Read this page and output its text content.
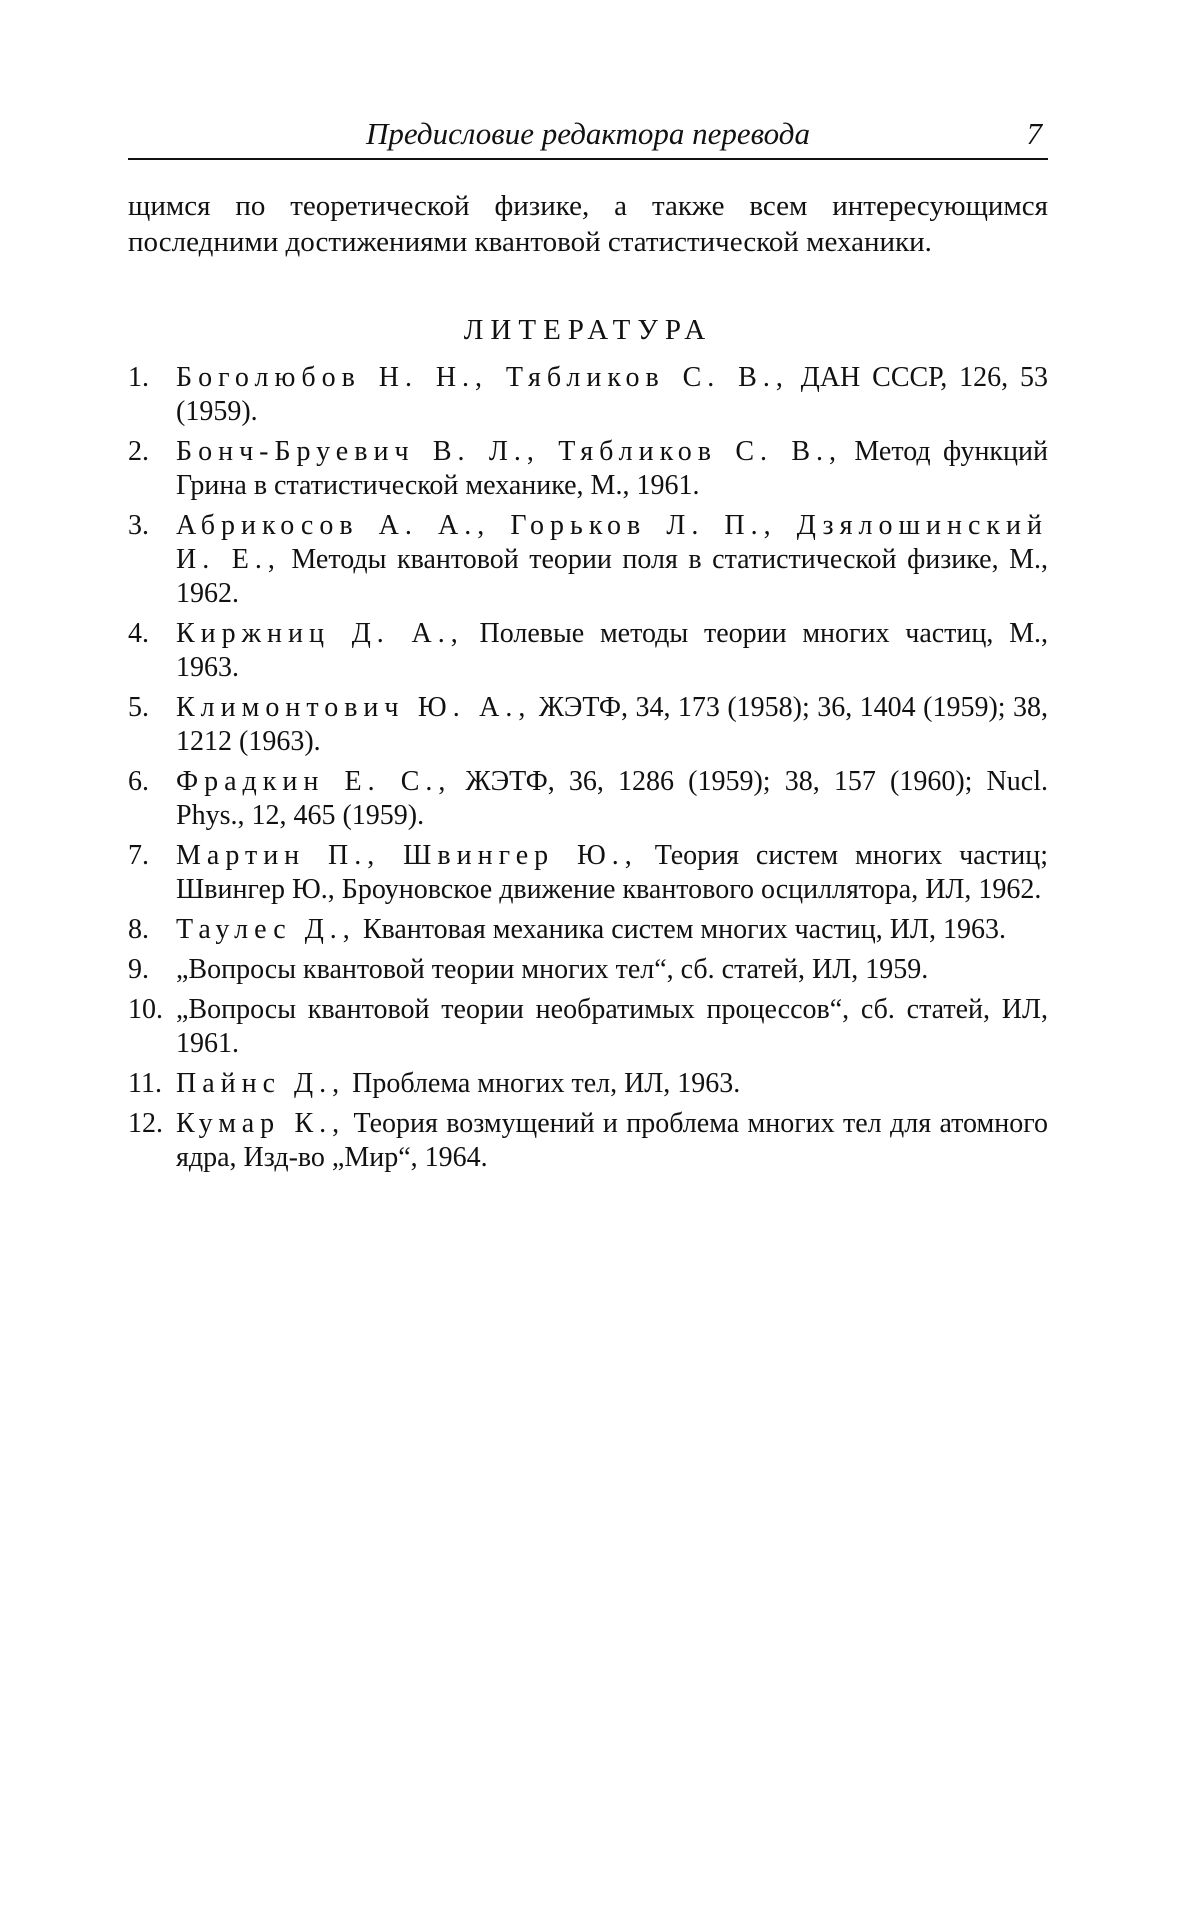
Предисловие редактора перевода	7

щимся по теоретической физике, а также всем интересующимся последними достижениями квантовой статистической механики.

ЛИТЕРАТУРА
1. Боголюбов Н. Н., Тябликов С. В., ДАН СССР, 126, 53 (1959).
2. Бонч-Бруевич В. Л., Тябликов С. В., Метод функций Грина в статистической механике, М., 1961.
3. Абрикосов А. А., Горьков Л. П., Дзялошинский И. Е., Методы квантовой теории поля в статистической физике, М., 1962.
4. Киржниц Д. А., Полевые методы теории многих частиц, М., 1963.
5. Климонтович Ю. А., ЖЭТФ, 34, 173 (1958); 36, 1404 (1959); 38, 1212 (1963).
6. Фрадкин Е. С., ЖЭТФ, 36, 1286 (1959); 38, 157 (1960); Nucl. Phys., 12, 465 (1959).
7. Мартин П., Швингер Ю., Теория систем многих частиц; Швингер Ю., Броуновское движение квантового осциллятора, ИЛ, 1962.
8. Таулес Д., Квантовая механика систем многих частиц, ИЛ, 1963.
9. „Вопросы квантовой теории многих тел“, сб. статей, ИЛ, 1959.
10. „Вопросы квантовой теории необратимых процессов“, сб. статей, ИЛ, 1961.
11. Пайнс Д., Проблема многих тел, ИЛ, 1963.
12. Кумар К., Теория возмущений и проблема многих тел для атомного ядра, Изд-во „Мир“, 1964.
